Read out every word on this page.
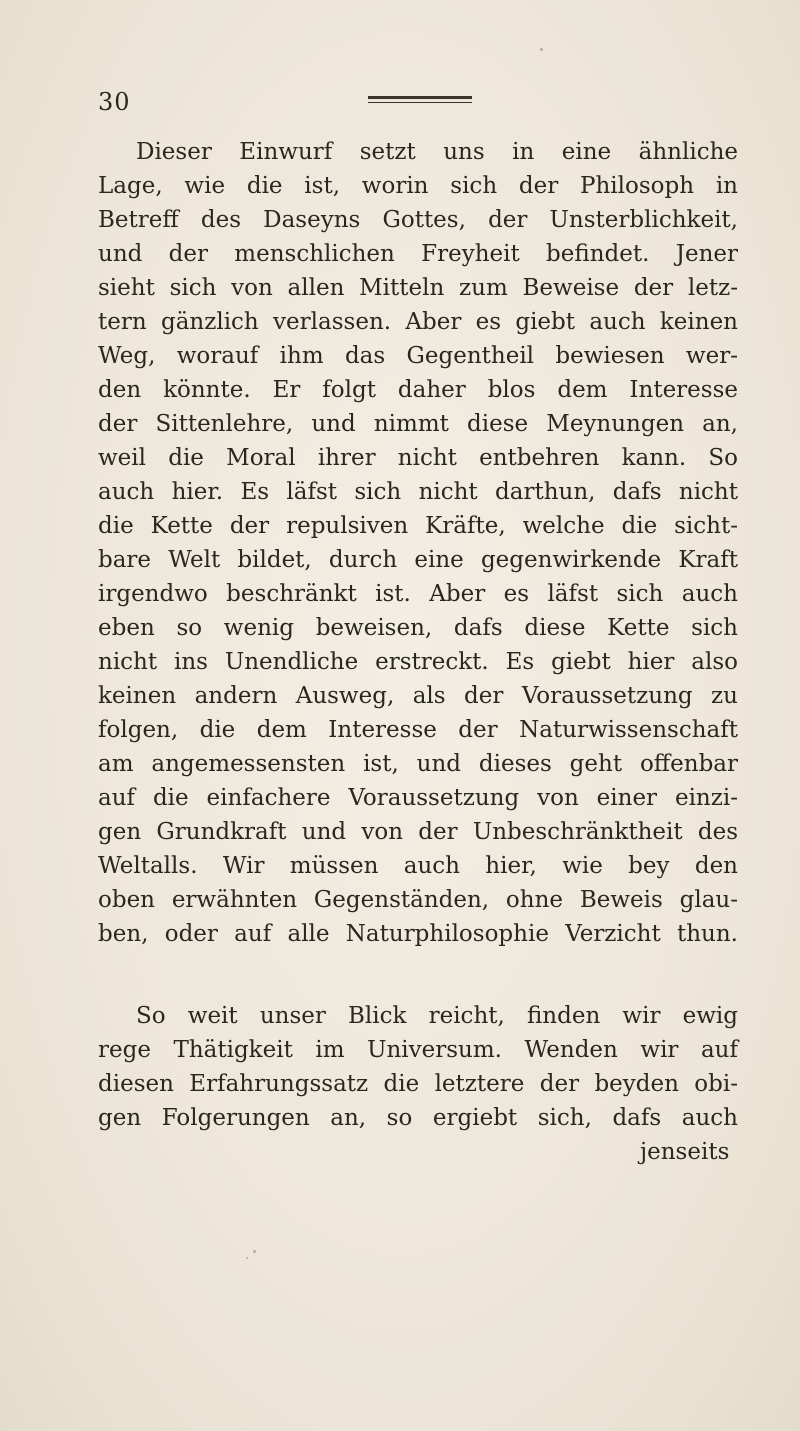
30
Dieser Einwurf setzt uns in eine ähnliche
Lage, wie die ist, worin sich der Philosoph in
Betreff des Daseyns Gottes, der Unsterblichkeit,
und der menschlichen Freyheit befindet. Jener
sieht sich von allen Mitteln zum Beweise der letz-
tern gänzlich verlassen. Aber es giebt auch keinen
Weg, worauf ihm das Gegentheil bewiesen wer-
den könnte. Er folgt daher blos dem Interesse
der Sittenlehre, und nimmt diese Meynungen an,
weil die Moral ihrer nicht entbehren kann. So
auch hier. Es läfst sich nicht darthun, dafs nicht
die Kette der repulsiven Kräfte, welche die sicht-
bare Welt bildet, durch eine gegenwirkende Kraft
irgendwo beschränkt ist. Aber es läfst sich auch
eben so wenig beweisen, dafs diese Kette sich
nicht ins Unendliche erstreckt. Es giebt hier also
keinen andern Ausweg, als der Voraussetzung zu
folgen, die dem Interesse der Naturwissenschaft
am angemessensten ist, und dieses geht offenbar
auf die einfachere Voraussetzung von einer einzi-
gen Grundkraft und von der Unbeschränktheit des
Weltalls. Wir müssen auch hier, wie bey den
oben erwähnten Gegenständen, ohne Beweis glau-
ben, oder auf alle Naturphilosophie Verzicht thun.
So weit unser Blick reicht, finden wir ewig
rege Thätigkeit im Universum. Wenden wir auf
diesen Erfahrungssatz die letztere der beyden obi-
gen Folgerungen an, so ergiebt sich, dafs auch
jenseits
